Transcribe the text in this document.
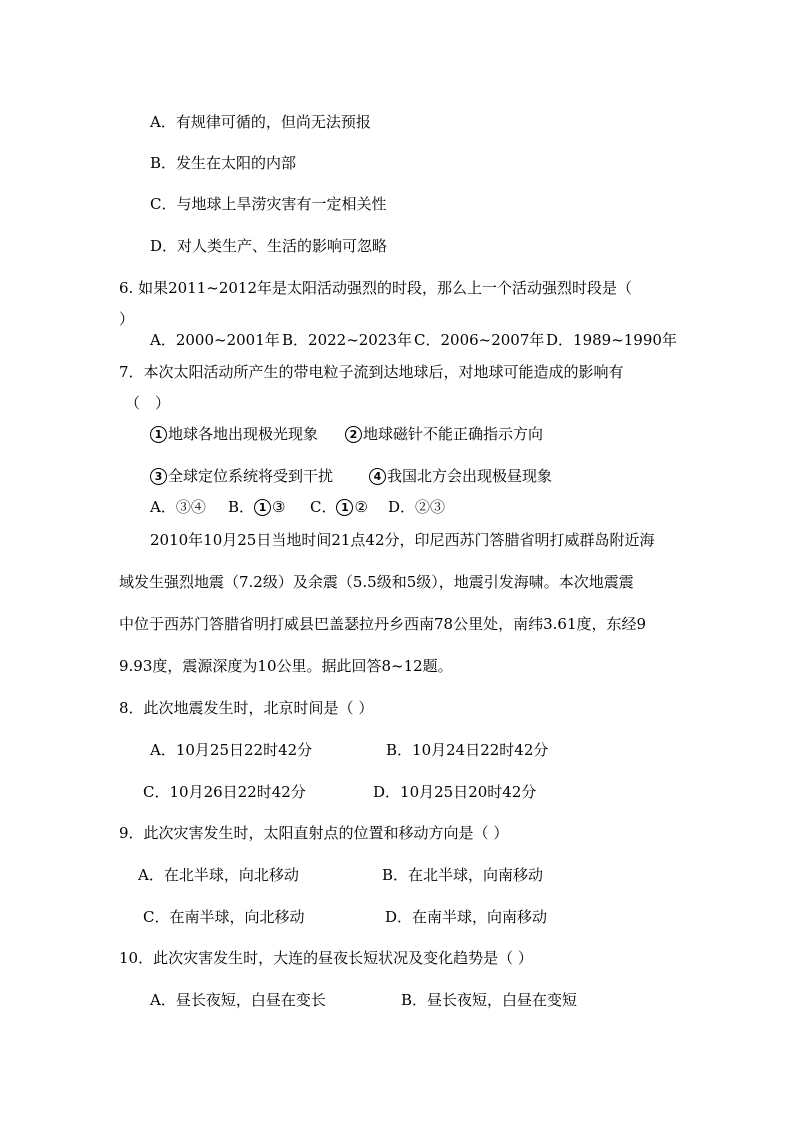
A．有规律可循的，但尚无法预报
B．发生在太阳的内部
C．与地球上旱涝灾害有一定相关性
D．对人类生产、生活的影响可忽略
6. 如果2011~2012年是太阳活动强烈的时段，那么上一个活动强烈时段是（
）
A．2000~2001年 B．2022~2023年 C．2006~2007年 D．1989~1990年
7．本次太阳活动所产生的带电粒子流到达地球后，对地球可能造成的影响有
（　）
1 地球各地出现极光现象	2 地球磁针不能正确指示方向
3 全球定位系统将受到干扰	4 我国北方会出现极昼现象
A．③④ B． 1 ③ C． 1 ② D．②③
2010年10月25日当地时间21点42分，印尼西苏门答腊省明打威群岛附近海
域发生强烈地震（7.2级）及余震（5.5级和5级），地震引发海啸。本次地震震
中位于西苏门答腊省明打威县巴盖瑟拉丹乡西南78公里处，南纬3.61度，东经9
9.93度，震源深度为10公里。据此回答8~12题。
8．此次地震发生时，北京时间是（ ）
A．10月25日22时42分	B．10月24日22时42分
C．10月26日22时42分	D．10月25日20时42分
9．此次灾害发生时，太阳直射点的位置和移动方向是（ ）
A．在北半球，向北移动	B．在北半球，向南移动
C．在南半球，向北移动	D．在南半球，向南移动
10．此次灾害发生时，大连的昼夜长短状况及变化趋势是（ ）
A．昼长夜短，白昼在变长	B．昼长夜短，白昼在变短
